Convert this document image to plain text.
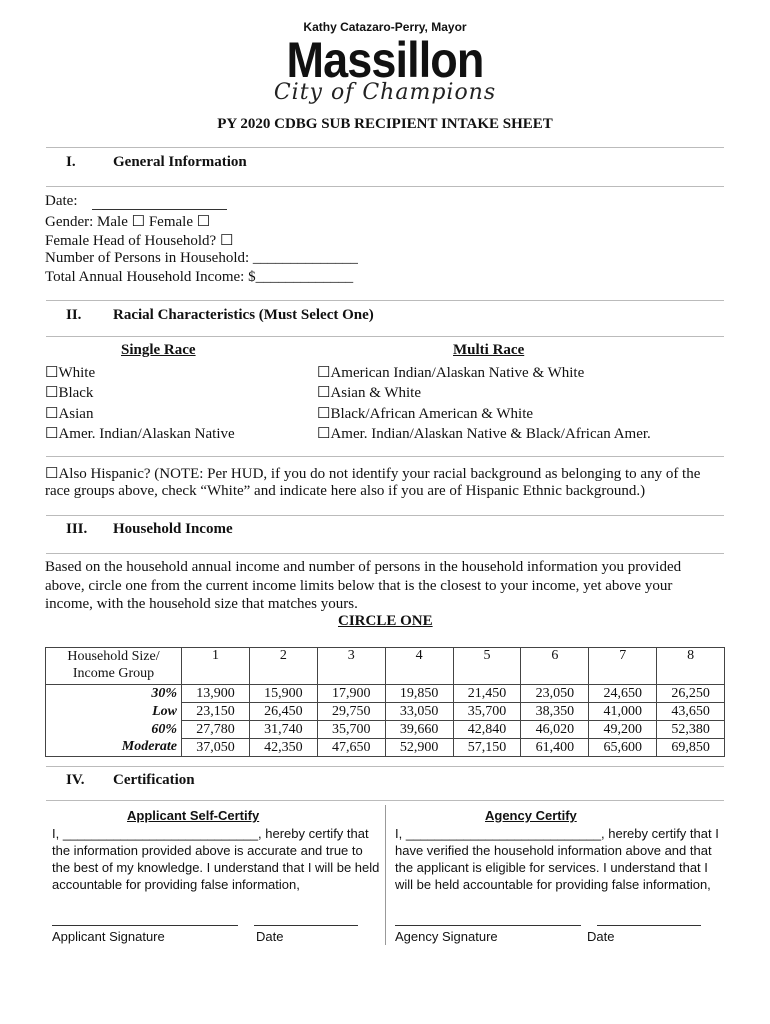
Kathy Catazaro-Perry, Mayor
Massillon
City of Champions
PY 2020 CDBG SUB RECIPIENT INTAKE SHEET
I. General Information
Date:
Gender: Male ☐ Female ☐
Female Head of Household? ☐
Number of Persons in Household: ______________
Total Annual Household Income: $_____________
II. Racial Characteristics (Must Select One)
Single Race	Multi Race
☐White
☐Black
☐Asian
☐Amer. Indian/Alaskan Native
☐American Indian/Alaskan Native & White
☐Asian & White
☐Black/African American & White
☐Amer. Indian/Alaskan Native & Black/African Amer.
☐Also Hispanic? (NOTE: Per HUD, if you do not identify your racial background as belonging to any of the
race groups above, check “White” and indicate here also if you are of Hispanic Ethnic background.)
III. Household Income
Based on the household annual income and number of persons in the household information you provided
above, circle one from the current income limits below that is the closest to your income, yet above your
income, with the household size that matches yours.
CIRCLE ONE
Household Size/
Income Group	1	2	3	4	5	6	7	8
30%	13,900	15,900	17,900	19,850	21,450	23,050	24,650	26,250
Low	23,150	26,450	29,750	33,050	35,700	38,350	41,000	43,650
60%	27,780	31,740	35,700	39,660	42,840	46,020	49,200	52,380
Moderate	37,050	42,350	47,650	52,900	57,150	61,400	65,600	69,850
IV. Certification
Applicant Self-Certify
I, ___________________________, hereby certify that
the information provided above is accurate and true to
the best of my knowledge. I understand that I will be held
accountable for providing false information,
Applicant Signature	Date
Agency Certify
I, ___________________________, hereby certify that I
have verified the household information above and that
the applicant is eligible for services. I understand that I
will be held accountable for providing false information,
Agency Signature	Date
